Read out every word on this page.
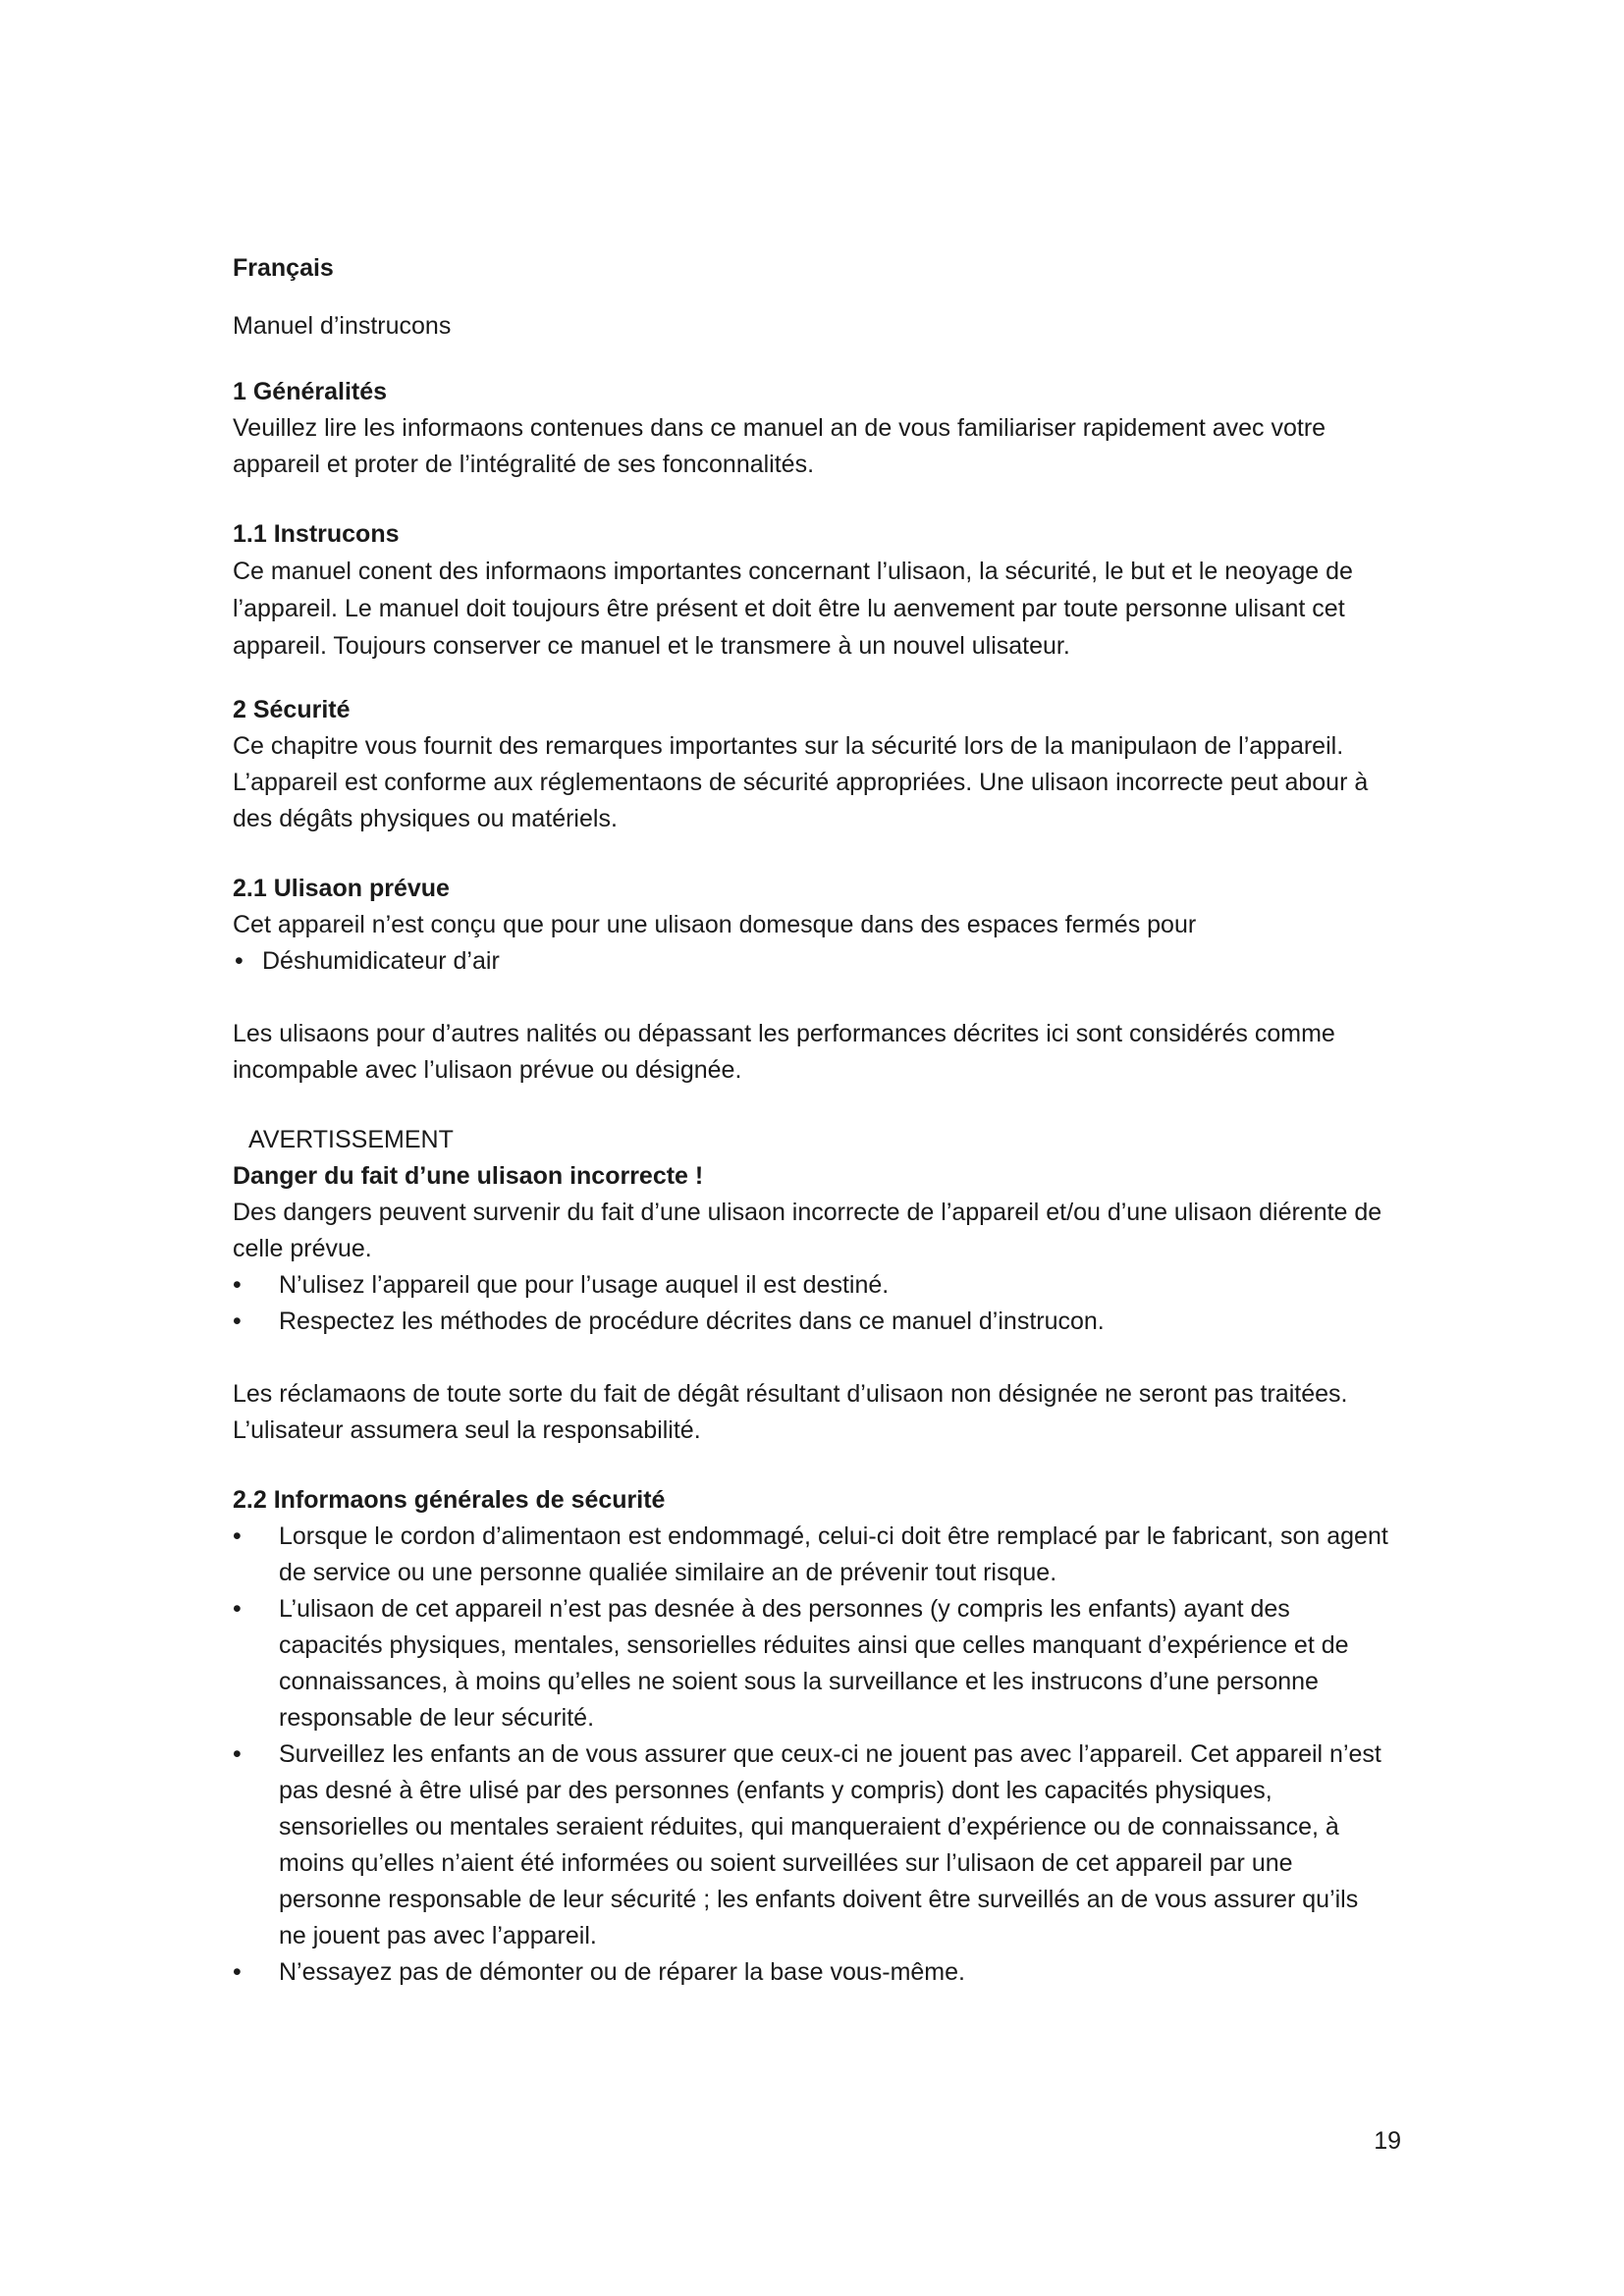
Français

Manuel d’instrucons

1 Généralités

Veuillez lire les informaons contenues dans ce manuel an de vous familiariser rapidement avec votre appareil et proter de l’intégralité de ses fonconnalités.

1.1 Instrucons

Ce manuel conent des informaons importantes concernant l’ulisaon, la sécurité, le but et le neoyage de l’appareil. Le manuel doit toujours être présent et doit être lu aenvement par toute personne ulisant cet appareil. Toujours conserver ce manuel et le transmere à un nouvel ulisateur.

2 Sécurité

Ce chapitre vous fournit des remarques importantes sur la sécurité lors de la manipulaon de l’appareil. L’appareil est conforme aux réglementaons de sécurité appropriées. Une ulisaon incorrecte peut abour à des dégâts physiques ou matériels.

2.1 Ulisaon prévue

Cet appareil n’est conçu que pour une ulisaon domesque dans des espaces fermés pour

• Déshumidicateur d’air

Les ulisaons pour d’autres nalités ou dépassant les performances décrites ici sont considérés comme incompable avec l’ulisaon prévue ou désignée.

AVERTISSEMENT

Danger du fait d’une ulisaon incorrecte !

Des dangers peuvent survenir du fait d’une ulisaon incorrecte de l’appareil et/ou d’une ulisaon diérente de celle prévue.

• N’ulisez l’appareil que pour l’usage auquel il est destiné.
• Respectez les méthodes de procédure décrites dans ce manuel d’instrucon.

Les réclamaons de toute sorte du fait de dégât résultant d’ulisaon non désignée ne seront pas traitées.

L’ulisateur assumera seul la responsabilité.

2.2 Informaons générales de sécurité

• Lorsque le cordon d’alimentaon est endommagé, celui-ci doit être remplacé par le fabricant, son agent de service ou une personne qualiée similaire an de prévenir tout risque.
• L’ulisaon de cet appareil n’est pas desnée à des personnes (y compris les enfants) ayant des capacités physiques, mentales, sensorielles réduites ainsi que celles manquant d’expérience et de connaissances, à moins qu’elles ne soient sous la surveillance et les instrucons d’une personne responsable de leur sécurité.
• Surveillez les enfants an de vous assurer que ceux-ci ne jouent pas avec l’appareil. Cet appareil n’est pas desné à être ulisé par des personnes (enfants y compris) dont les capacités physiques, sensorielles ou mentales seraient réduites, qui manqueraient d’expérience ou de connaissance, à moins qu’elles n’aient été informées ou soient surveillées sur l’ulisaon de cet appareil par une personne responsable de leur sécurité ; les enfants doivent être surveillés an de vous assurer qu’ils ne jouent pas avec l’appareil.
• N’essayez pas de démonter ou de réparer la base vous-même.
19
